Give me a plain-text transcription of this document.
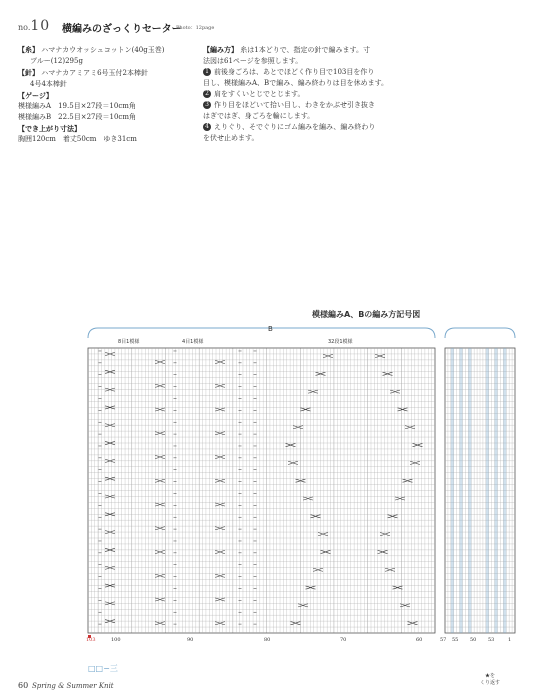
no.10 横編みのざっくりセーター
Photo：12page
【糸】 ハマナカウオッシュコットン(40g玉巻)
ブルー(12)295g
【針】 ハマナカアミアミ6号玉付2本棒針
4号4本棒針
【ゲージ】
模様編みA　 19.5目×27段＝10cm角
模様編みB　 22.5目×27段＝10cm角
【でき上がり寸法】
胸囲120cm　着丈50cm　ゆき31cm
【編み方】 糸は1本どりで、指定の針で編みます。寸
法図は61ページを参照します。
1 前後身ごろは、あとでほどく作り目で103目を作り
目し、模様編みA、Bで編み、編み終わりは目を休めます。
2 肩をすくいとじでとじます。
3 作り目をほどいて拾い目し、わきをかぶせ引き抜き
はぎではぎ、身ごろを輪にします。
4 えりぐり、そでぐりにゴム編みを編み、編み終わり
を伏せ止めます。
模様編みA、Bの編み方記号図
B
8目1模様	4目1模様	32段1模様
103	100	90	80	70	60	57 55 50 53	1
□□−三
60 Spring & Summer Knit
★を
くり返す
